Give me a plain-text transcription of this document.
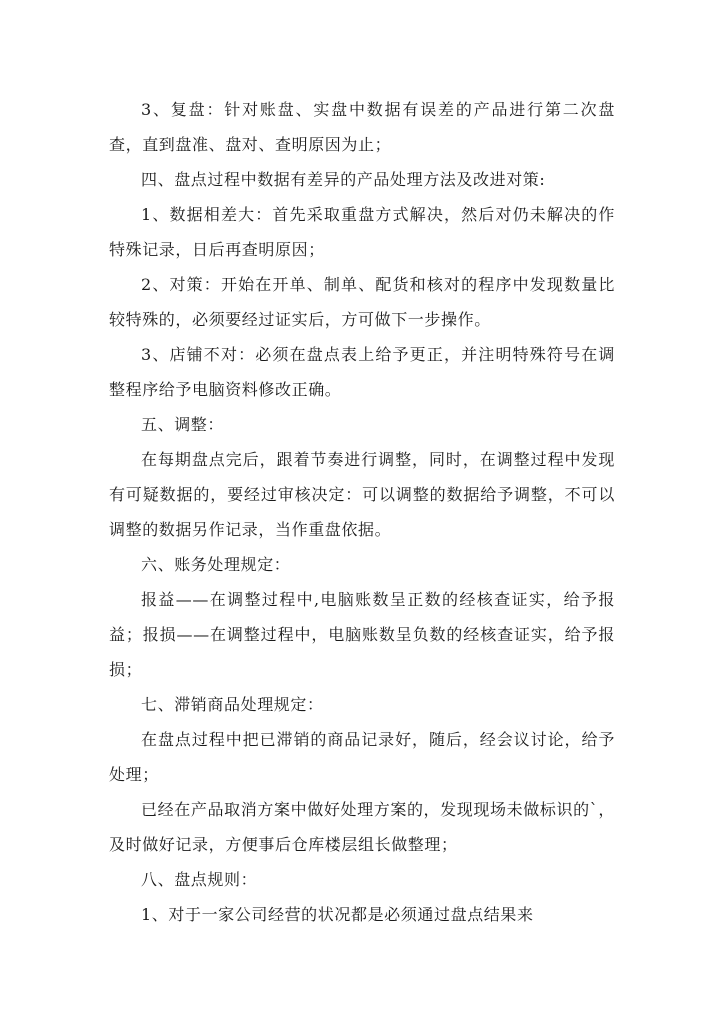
3、复盘：针对账盘、实盘中数据有误差的产品进行第二次盘查，直到盘准、盘对、查明原因为止；

四、盘点过程中数据有差异的产品处理方法及改进对策:

1、数据相差大：首先采取重盘方式解决，然后对仍未解决的作特殊记录，日后再查明原因；

2、对策：开始在开单、制单、配货和核对的程序中发现数量比较特殊的，必须要经过证实后，方可做下一步操作。

3、店铺不对：必须在盘点表上给予更正，并注明特殊符号在调整程序给予电脑资料修改正确。

五、调整：

在每期盘点完后，跟着节奏进行调整，同时，在调整过程中发现有可疑数据的，要经过审核决定：可以调整的数据给予调整，不可以调整的数据另作记录，当作重盘依据。

六、账务处理规定：

报益——在调整过程中,电脑账数呈正数的经核查证实，给予报益；报损——在调整过程中，电脑账数呈负数的经核查证实，给予报损；

七、滞销商品处理规定：

在盘点过程中把已滞销的商品记录好，随后，经会议讨论，给予处理；

已经在产品取消方案中做好处理方案的，发现现场未做标识的`，及时做好记录，方便事后仓库楼层组长做整理；

八、盘点规则：

1、对于一家公司经营的状况都是必须通过盘点结果来
